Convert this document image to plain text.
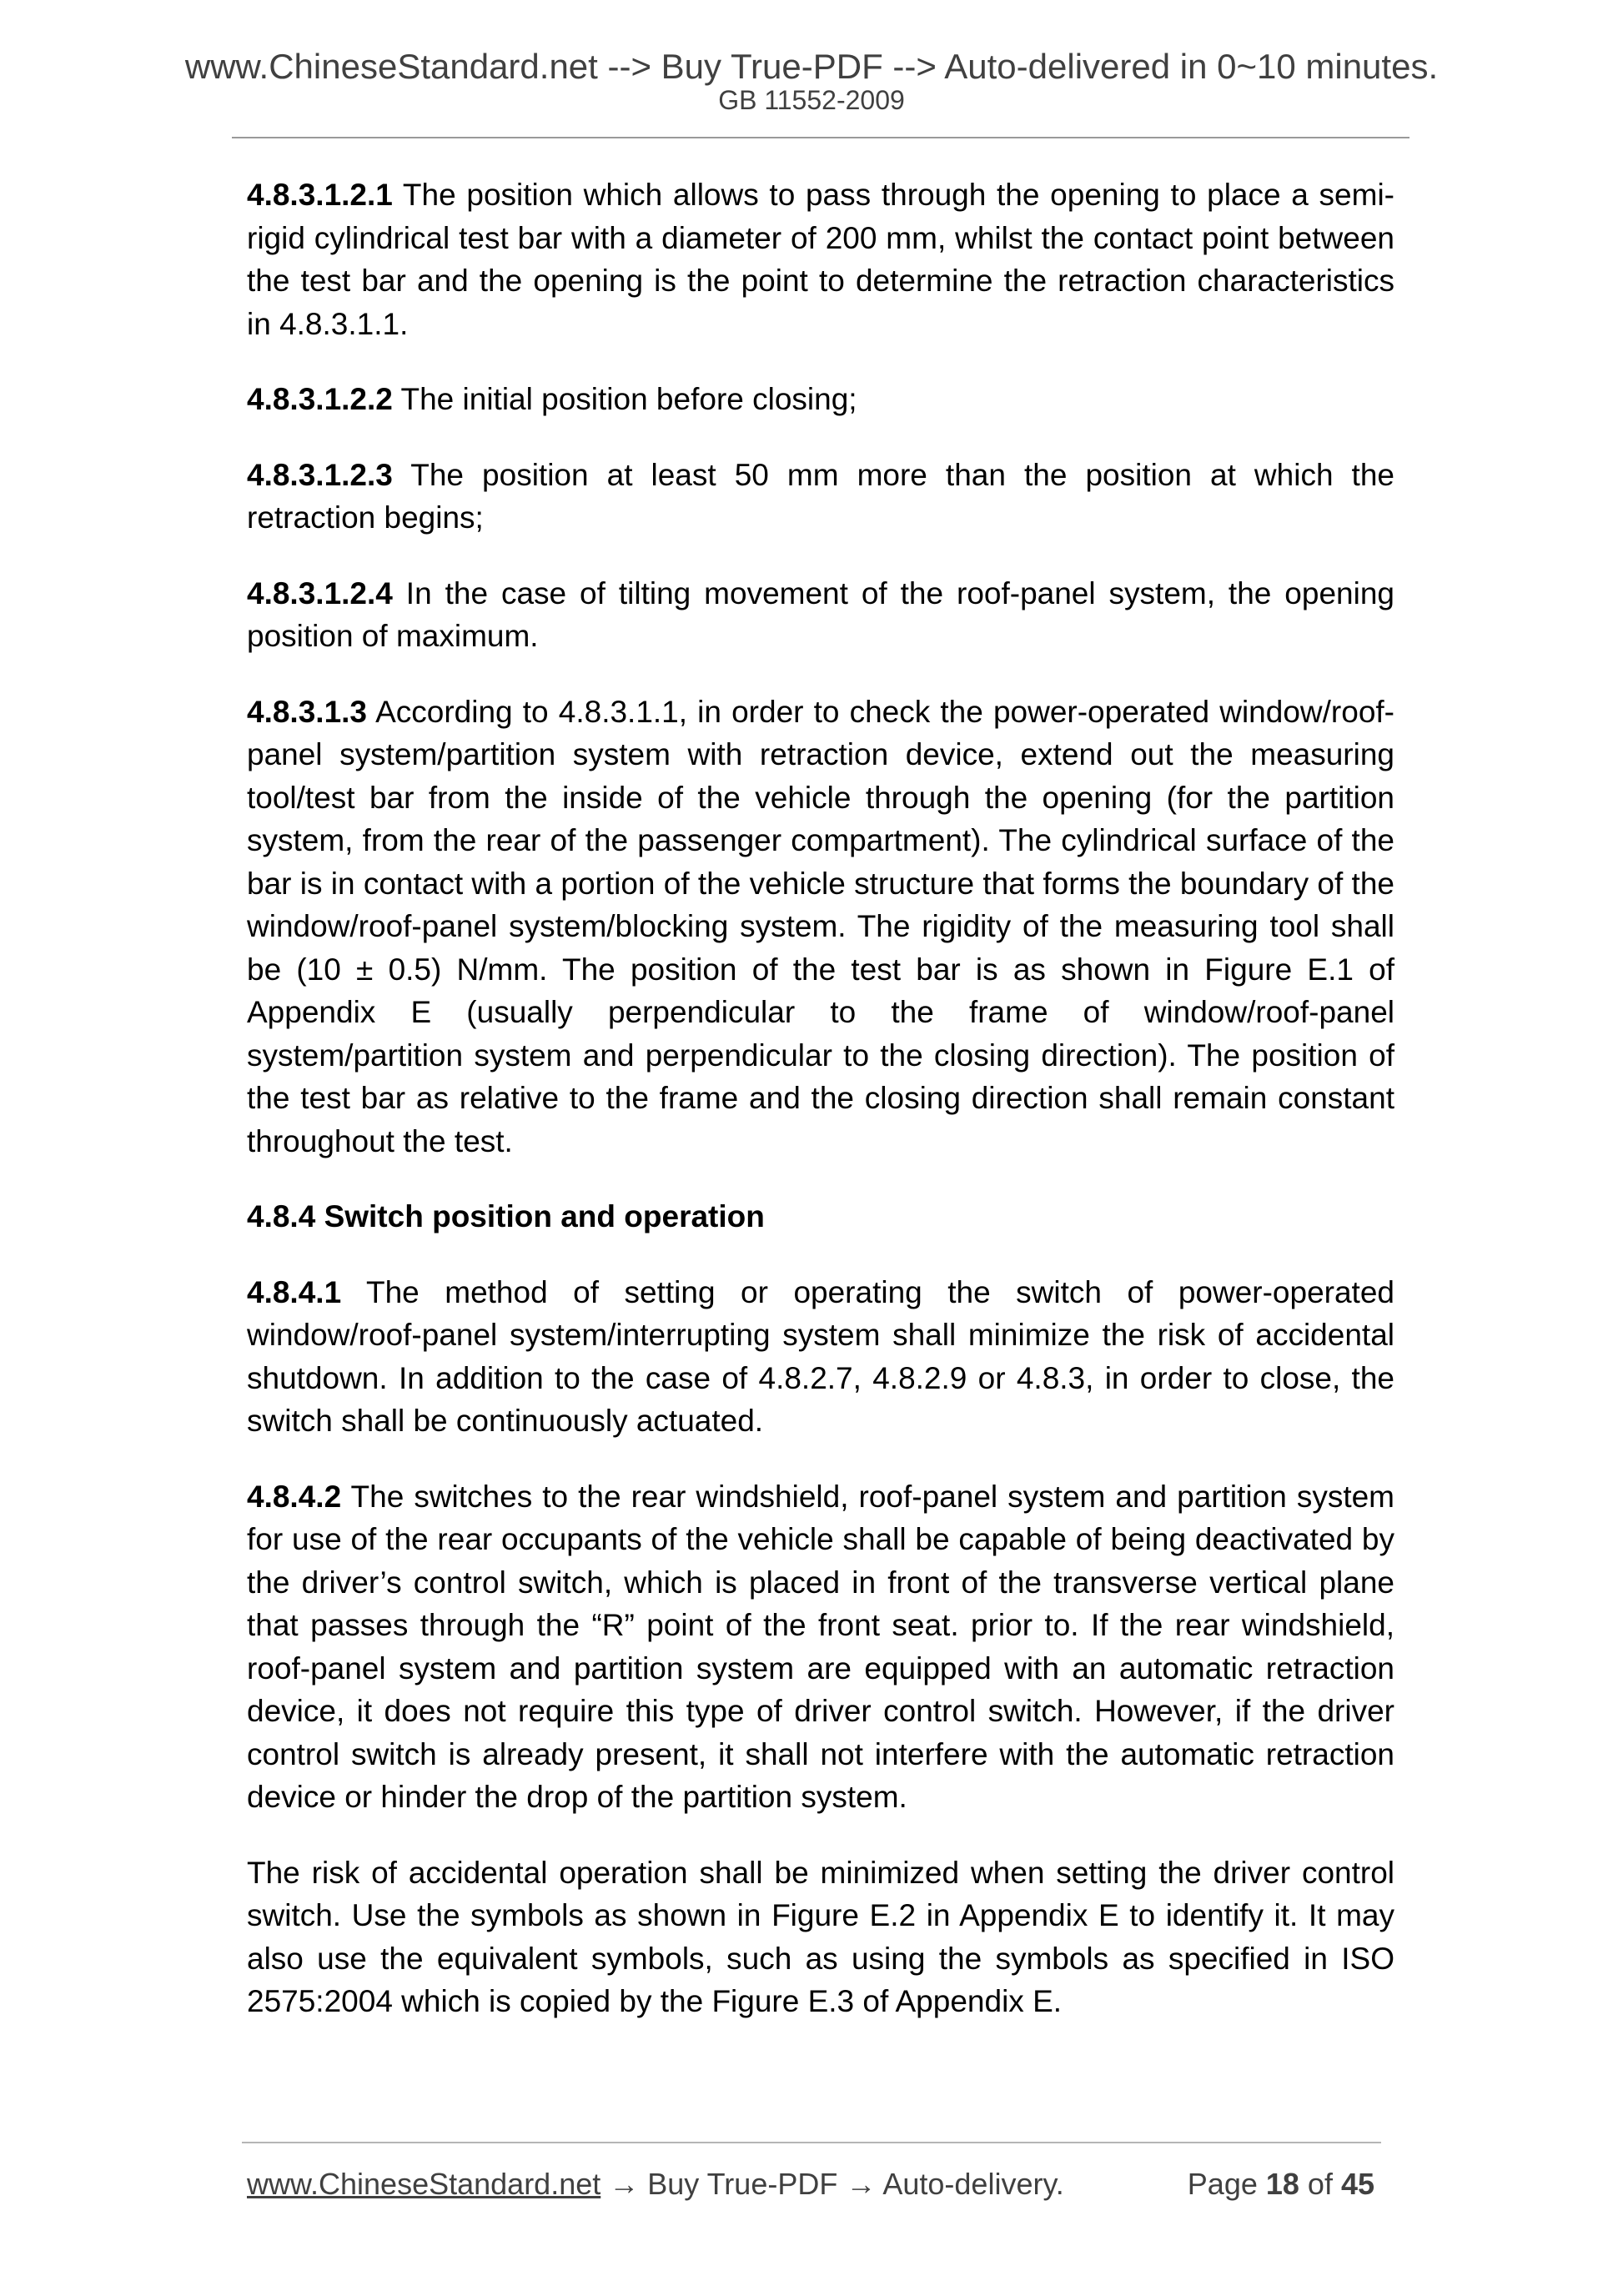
www.ChineseStandard.net --> Buy True-PDF --> Auto-delivered in 0~10 minutes.
GB 11552-2009

4.8.3.1.2.1 The position which allows to pass through the opening to place a semi-rigid cylindrical test bar with a diameter of 200 mm, whilst the contact point between the test bar and the opening is the point to determine the retraction characteristics in 4.8.3.1.1.

4.8.3.1.2.2 The initial position before closing;

4.8.3.1.2.3 The position at least 50 mm more than the position at which the retraction begins;

4.8.3.1.2.4 In the case of tilting movement of the roof-panel system, the opening position of maximum.

4.8.3.1.3 According to 4.8.3.1.1, in order to check the power-operated window/roof-panel system/partition system with retraction device, extend out the measuring tool/test bar from the inside of the vehicle through the opening (for the partition system, from the rear of the passenger compartment). The cylindrical surface of the bar is in contact with a portion of the vehicle structure that forms the boundary of the window/roof-panel system/blocking system. The rigidity of the measuring tool shall be (10 ± 0.5) N/mm. The position of the test bar is as shown in Figure E.1 of Appendix E (usually perpendicular to the frame of window/roof-panel system/partition system and perpendicular to the closing direction). The position of the test bar as relative to the frame and the closing direction shall remain constant throughout the test.

4.8.4 Switch position and operation

4.8.4.1 The method of setting or operating the switch of power-operated window/roof-panel system/interrupting system shall minimize the risk of accidental shutdown. In addition to the case of 4.8.2.7, 4.8.2.9 or 4.8.3, in order to close, the switch shall be continuously actuated.

4.8.4.2 The switches to the rear windshield, roof-panel system and partition system for use of the rear occupants of the vehicle shall be capable of being deactivated by the driver’s control switch, which is placed in front of the transverse vertical plane that passes through the “R” point of the front seat. prior to. If the rear windshield, roof-panel system and partition system are equipped with an automatic retraction device, it does not require this type of driver control switch. However, if the driver control switch is already present, it shall not interfere with the automatic retraction device or hinder the drop of the partition system.

The risk of accidental operation shall be minimized when setting the driver control switch. Use the symbols as shown in Figure E.2 in Appendix E to identify it. It may also use the equivalent symbols, such as using the symbols as specified in ISO 2575:2004 which is copied by the Figure E.3 of Appendix E.

www.ChineseStandard.net → Buy True-PDF → Auto-delivery.	Page 18 of 45
